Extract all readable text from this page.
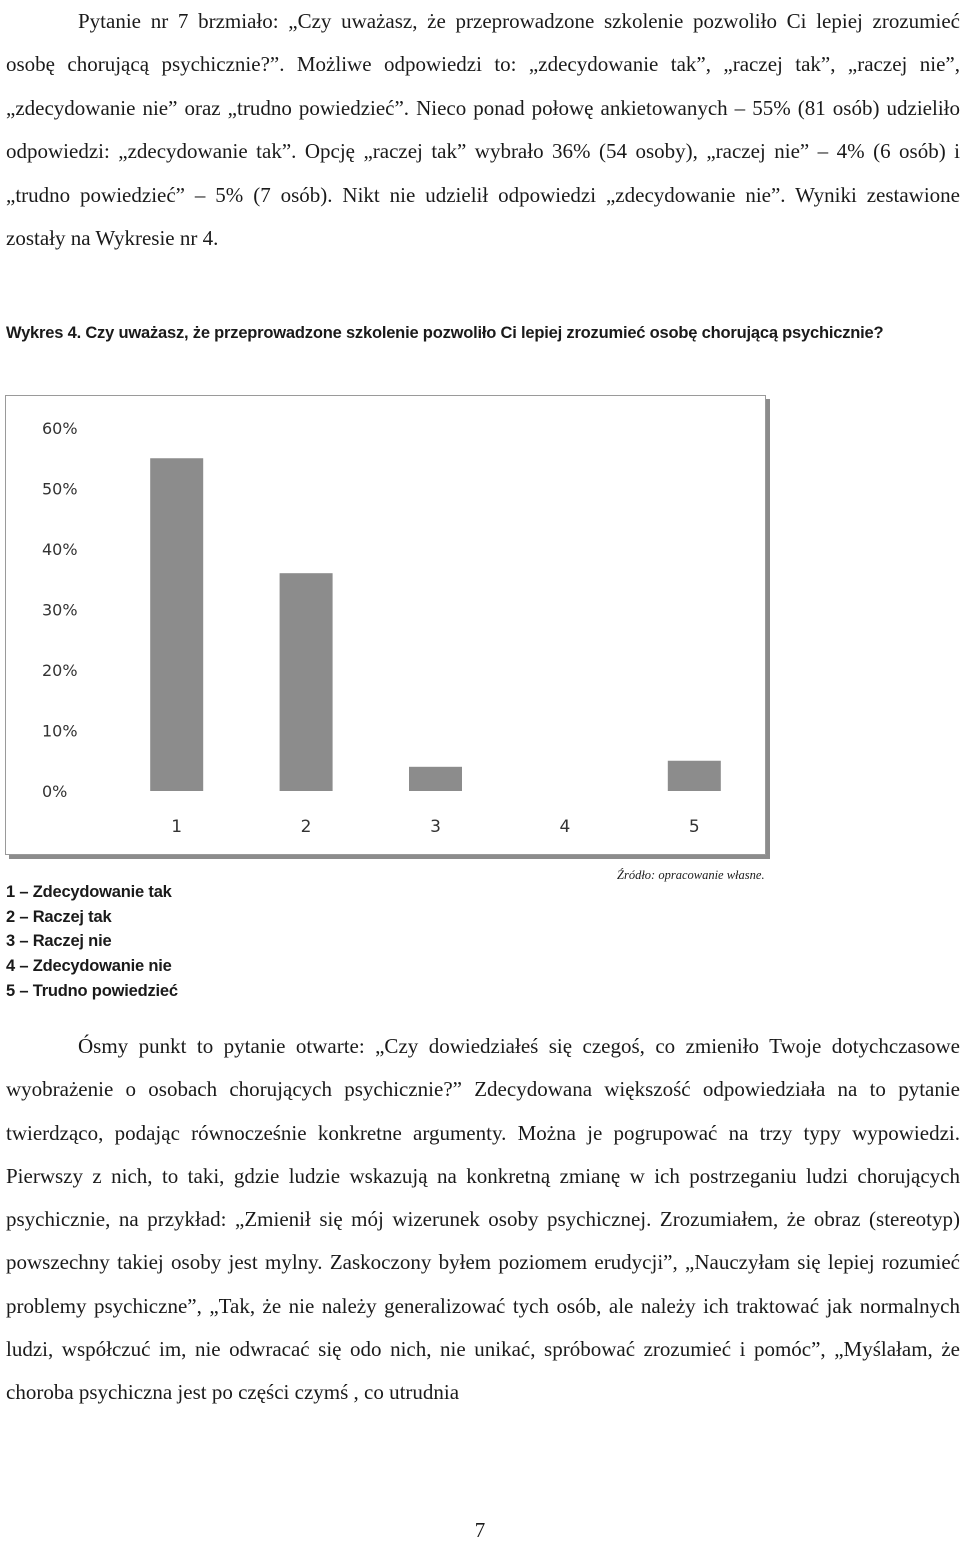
Pytanie nr 7 brzmiało: „Czy uważasz, że przeprowadzone szkolenie pozwoliło Ci lepiej zrozumieć osobę chorującą psychicznie?”. Możliwe odpowiedzi to: „zdecydowanie tak”, „raczej tak”, „raczej nie”, „zdecydowanie nie” oraz „trudno powiedzieć”. Nieco ponad połowę ankietowanych – 55% (81 osób) udzieliło odpowiedzi: „zdecydowanie tak”. Opcję „raczej tak” wybrało 36% (54 osoby), „raczej nie” – 4% (6 osób) i „trudno powiedzieć” – 5% (7 osób). Nikt nie udzielił odpowiedzi „zdecydowanie nie”. Wyniki zestawione zostały na Wykresie nr 4.

Wykres 4. Czy uważasz, że przeprowadzone szkolenie pozwoliło Ci lepiej zrozumieć osobę chorującą psychicznie?

0%
10%
20%
30%
40%
50%
60%
1	2	3	4	5
Źródło: opracowanie własne.
1 – Zdecydowanie tak
2 – Raczej tak
3 – Raczej nie
4 – Zdecydowanie nie
5 – Trudno powiedzieć

Ósmy punkt to pytanie otwarte: „Czy dowiedziałeś się czegoś, co zmieniło Twoje dotychczasowe wyobrażenie o osobach chorujących psychicznie?” Zdecydowana większość odpowiedziała na to pytanie twierdząco, podając równocześnie konkretne argumenty. Można je pogrupować na trzy typy wypowiedzi. Pierwszy z nich, to taki, gdzie ludzie wskazują na konkretną zmianę w ich postrzeganiu ludzi chorujących psychicznie, na przykład: „Zmienił się mój wizerunek osoby psychicznej. Zrozumiałem, że obraz (stereotyp) powszechny takiej osoby jest mylny. Zaskoczony byłem poziomem erudycji”, „Nauczyłam się lepiej rozumieć problemy psychiczne”, „Tak, że nie należy generalizować tych osób, ale należy ich traktować jak normalnych ludzi, współczuć im, nie odwracać się odo nich, nie unikać, spróbować zrozumieć i pomóc”, „Myślałam, że choroba psychiczna jest po części czymś , co utrudnia

7
